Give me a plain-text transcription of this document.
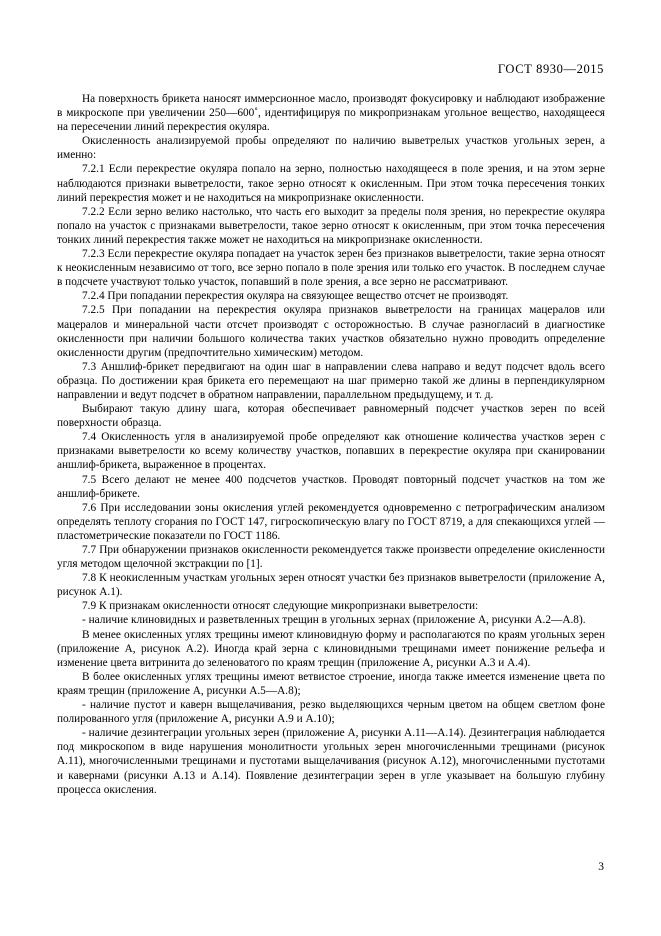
ГОСТ 8930—2015

На поверхность брикета наносят иммерсионное масло, производят фокусировку и наблюдают изображение в микроскопе при увеличении 250—600˚, идентифицируя по микропризнакам угольное вещество, находящееся на пересечении линий перекрестия окуляра.

Окисленность анализируемой пробы определяют по наличию выветрелых участков угольных зерен, а именно:

7.2.1 Если перекрестие окуляра попало на зерно, полностью находящееся в поле зрения, и на этом зерне наблюдаются признаки выветрелости, такое зерно относят к окисленным. При этом точка пересечения тонких линий перекрестия может и не находиться на микропризнаке окисленности.

7.2.2 Если зерно велико настолько, что часть его выходит за пределы поля зрения, но перекрестие окуляра попало на участок с признаками выветрелости, такое зерно относят к окисленным, при этом точка пересечения тонких линий перекрестия также может не находиться на микропризнаке окисленности.

7.2.3 Если перекрестие окуляра попадает на участок зерен без признаков выветрелости, такие зерна относят к неокисленным независимо от того, все зерно попало в поле зрения или только его участок. В последнем случае в подсчете участвуют только участок, попавший в поле зрения, а все зерно не рассматривают.

7.2.4 При попадании перекрестия окуляра на связующее вещество отсчет не производят.

7.2.5 При попадании на перекрестия окуляра признаков выветрелости на границах мацералов или мацералов и минеральной части отсчет производят с осторожностью. В случае разногласий в диагностике окисленности при наличии большого количества таких участков обязательно нужно проводить определение окисленности другим (предпочтительно химическим) методом.

7.3 Аншлиф-брикет передвигают на один шаг в направлении слева направо и ведут подсчет вдоль всего образца. По достижении края брикета его перемещают на шаг примерно такой же длины в перпендикулярном направлении и ведут подсчет в обратном направлении, параллельном предыдущему, и т. д.

Выбирают такую длину шага, которая обеспечивает равномерный подсчет участков зерен по всей поверхности образца.

7.4 Окисленность угля в анализируемой пробе определяют как отношение количества участков зерен с признаками выветрелости ко всему количеству участков, попавших в перекрестие окуляра при сканировании аншлиф-брикета, выраженное в процентах.

7.5 Всего делают не менее 400 подсчетов участков. Проводят повторный подсчет участков на том же аншлиф-брикете.

7.6 При исследовании зоны окисления углей рекомендуется одновременно с петрографическим анализом определять теплоту сгорания по ГОСТ 147, гигроскопическую влагу по ГОСТ 8719, а для спекающихся углей — пластометрические показатели по ГОСТ 1186.

7.7 При обнаружении признаков окисленности рекомендуется также произвести определение окисленности угля методом щелочной экстракции по [1].

7.8 К неокисленным участкам угольных зерен относят участки без признаков выветрелости (приложение А, рисунок А.1).

7.9 К признакам окисленности относят следующие микропризнаки выветрелости:

- наличие клиновидных и разветвленных трещин в угольных зернах (приложение А, рисунки А.2—А.8).

В менее окисленных углях трещины имеют клиновидную форму и располагаются по краям угольных зерен (приложение А, рисунок А.2). Иногда край зерна с клиновидными трещинами имеет понижение рельефа и изменение цвета витринита до зеленоватого по краям трещин (приложение А, рисунки А.3 и А.4).

В более окисленных углях трещины имеют ветвистое строение, иногда также имеется изменение цвета по краям трещин (приложение А, рисунки А.5—А.8);

- наличие пустот и каверн выщелачивания, резко выделяющихся черным цветом на общем светлом фоне полированного угля (приложение А, рисунки А.9 и А.10);

- наличие дезинтеграции угольных зерен (приложение А, рисунки А.11—А.14). Дезинтеграция наблюдается под микроскопом в виде нарушения монолитности угольных зерен многочисленными трещинами (рисунок А.11), многочисленными трещинами и пустотами выщелачивания (рисунок А.12), многочисленными пустотами и кавернами (рисунки А.13 и А.14). Появление дезинтеграции зерен в угле указывает на большую глубину процесса окисления.

3
